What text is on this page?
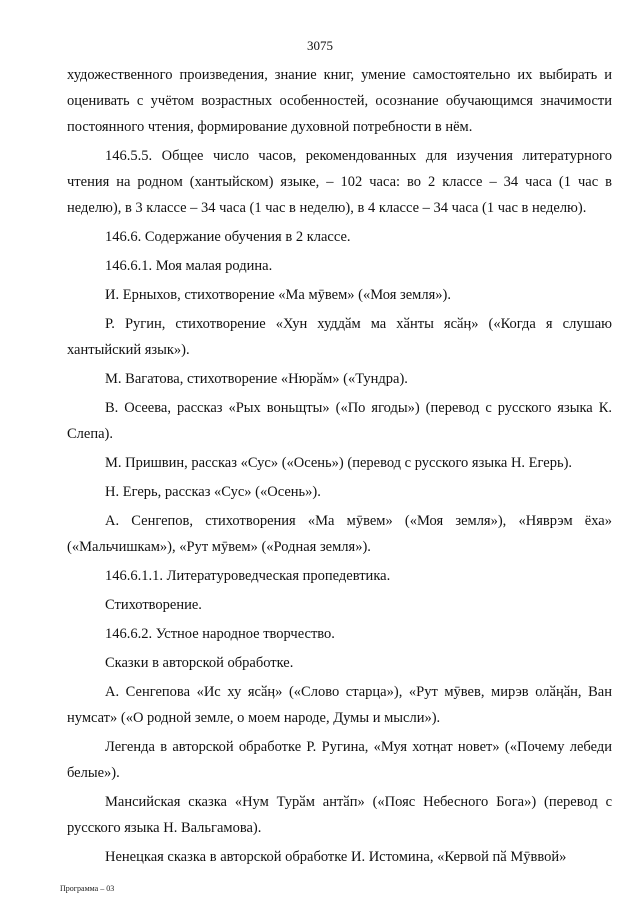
3075

художественного произведения, знание книг, умение самостоятельно их выбирать и оценивать с учётом возрастных особенностей, осознание обучающимся значимости постоянного чтения, формирование духовной потребности в нём.

146.5.5. Общее число часов, рекомендованных для изучения литературного чтения на родном (хантыйском) языке, – 102 часа: во 2 классе – 34 часа (1 час в неделю), в 3 классе – 34 часа (1 час в неделю), в 4 классе – 34 часа (1 час в неделю).

146.6. Содержание обучения в 2 классе.

146.6.1. Моя малая родина.

И. Ерныхов, стихотворение «Ма мӯвем» («Моя земля»).

Р. Ругин, стихотворение «Хун худдӑм ма хӑнты ясӑӊ» («Когда я слушаю хантыйский язык»).

М. Вагатова, стихотворение «Нюрӑм» («Тундра).

В. Осеева, рассказ «Рых воньщты» («По ягоды») (перевод с русского языка К. Слепа).

М. Пришвин, рассказ «Сус» («Осень») (перевод с русского языка Н. Егерь).

Н. Егерь, рассказ «Сус» («Осень»).

А. Сенгепов, стихотворения «Ма мӯвем» («Моя земля»), «Няврэм ёха» («Мальчишкам»), «Рут мӯвем» («Родная земля»).

146.6.1.1. Литературоведческая пропедевтика.

Стихотворение.

146.6.2. Устное народное творчество.

Сказки в авторской обработке.

А. Сенгепова «Ис ху ясӑӊ» («Слово старца»), «Рут мӯвев, мирэв олӑӊӑн, Ван нумсат» («О родной земле, о моем народе, Думы и мысли»).

Легенда в авторской обработке Р. Ругина, «Муя хотӊат новет» («Почему лебеди белые»).

Мансийская сказка «Нум Турӑм антӑп» («Пояс Небесного Бога») (перевод с русского языка Н. Вальгамова).

Ненецкая сказка в авторской обработке И. Истомина, «Кервой пӑ Мӯввой»

Программа – 03
